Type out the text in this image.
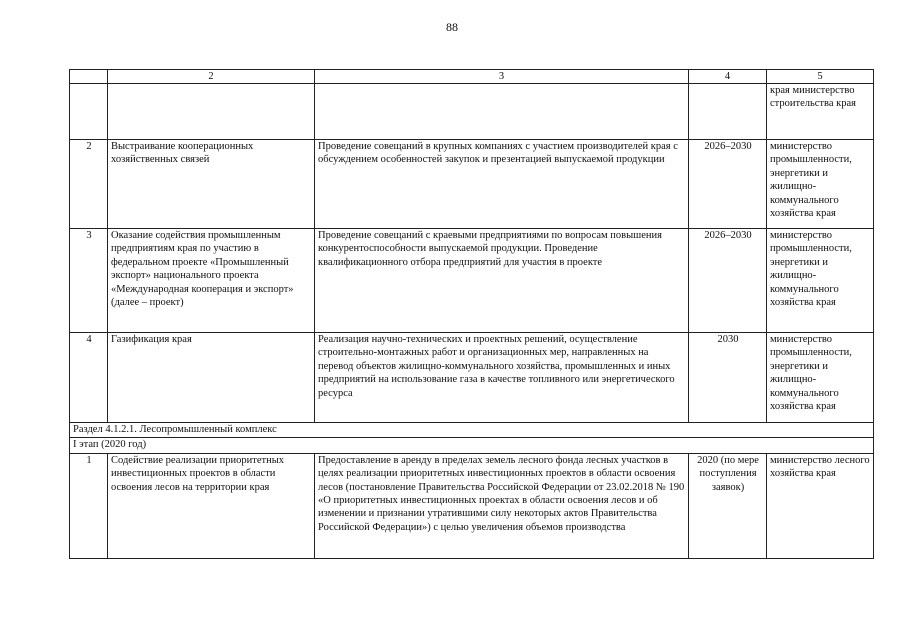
88
	2	3	4	5
				края министерство строительства края
2	Выстраивание кооперационных хозяйственных связей	Проведение совещаний в крупных компаниях с участием производителей края с обсуждением особенностей закупок и презентацией выпускаемой продукции	2026–2030	министерство промышленности, энергетики и жилищно-коммунального хозяйства края
3	Оказание содействия промышленным предприятиям края по участию в федеральном проекте «Промышленный экспорт» национального проекта «Международная кооперация и экспорт» (далее – проект)	Проведение совещаний с краевыми предприятиями по вопросам повышения конкурентоспособности выпускаемой продукции. Проведение квалификационного отбора предприятий для участия в проекте	2026–2030	министерство промышленности, энергетики и жилищно-коммунального хозяйства края
4	Газификация края	Реализация научно-технических и проектных решений, осуществление строительно-монтажных работ и организационных мер, направленных на перевод объектов жилищно-коммунального хозяйства, промышленных и иных предприятий на использование газа в качестве топливного или энергетического ресурса	2030	министерство промышленности, энергетики и жилищно-коммунального хозяйства края
Раздел 4.1.2.1. Лесопромышленный комплекс				
I этап (2020 год)				
1	Содействие реализации приоритетных инвестиционных проектов в области освоения лесов на территории края	Предоставление в аренду в пределах земель лесного фонда лесных участков в целях реализации приоритетных инвестиционных проектов в области освоения лесов (постановление Правительства Российской Федерации от 23.02.2018 № 190 «О приоритетных инвестиционных проектах в области освоения лесов и об изменении и признании утратившими силу некоторых актов Правительства Российской Федерации») с целью увеличения объемов производства	2020 (по мере поступления заявок)	министерство лесного хозяйства края
